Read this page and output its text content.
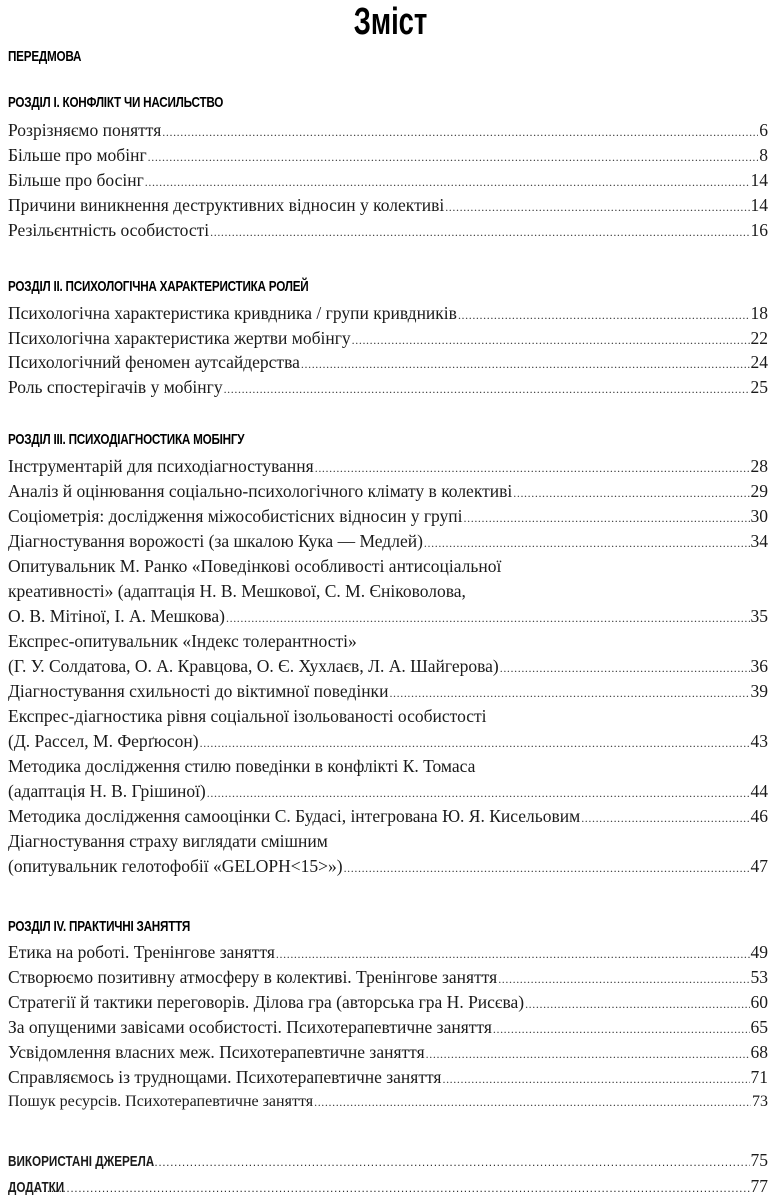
Зміст
ПЕРЕДМОВА
РОЗДІЛ I. КОНФЛІКТ ЧИ НАСИЛЬСТВО
Розрізняємо поняття .....	6
Більше про мобінг .....	8
Більше про босінг .....	14
Причини виникнення деструктивних відносин у колективі .....	14
Резільєнтність особистості .....	16
РОЗДІЛ II. ПСИХОЛОГІЧНА ХАРАКТЕРИСТИКА РОЛЕЙ
Психологічна характеристика кривдника / групи кривдників .....	18
Психологічна характеристика жертви мобінгу .....	22
Психологічний феномен аутсайдерства .....	24
Роль спостерігачів у мобінгу .....	25
РОЗДІЛ III. ПСИХОДІАГНОСТИКА МОБІНГУ
Інструментарій для психодіагностування .....	28
Аналіз й оцінювання соціально-психологічного клімату в колективі .....	29
Соціометрія: дослідження міжособистісних відносин у групі .....	30
Діагностування ворожості (за шкалою Кука — Медлей) .....	34
Опитувальник М. Ранко «Поведінкові особливості антисоціальної
креативності» (адаптація Н. В. Мешкової, С. М. Єніковолова,
О. В. Мітіної, І. А. Мешкова) .....	35
Експрес-опитувальник «Індекс толерантності»
(Г. У. Солдатова, О. А. Кравцова, О. Є. Хухлаєв, Л. А. Шайгерова) .....	36
Діагностування схильності до віктимної поведінки .....	39
Експрес-діагностика рівня соціальної ізольованості особистості
(Д. Рассел, М. Ферґюсон) .....	43
Методика дослідження стилю поведінки в конфлікті К. Томаса
(адаптація Н. В. Грішиної) .....	44
Методика дослідження самооцінки С. Будасі, інтегрована Ю. Я. Кисельовим .....	46
Діагностування страху виглядати смішним
(опитувальник гелотофобії «GELOPH<15>») .....	47
РОЗДІЛ IV. ПРАКТИЧНІ ЗАНЯТТЯ
Етика на роботі. Тренінгове заняття .....	49
Створюємо позитивну атмосферу в колективі. Тренінгове заняття .....	53
Стратегії й тактики переговорів. Ділова гра (авторська гра Н. Рисєва) .....	60
За опущеними завісами особистості. Психотерапевтичне заняття .....	65
Усвідомлення власних меж. Психотерапевтичне заняття .....	68
Справляємось із труднощами. Психотерапевтичне заняття .....	71
Пошук ресурсів. Психотерапевтичне заняття .....	73
ВИКОРИСТАНІ ДЖЕРЕЛА .....	75
ДОДАТКИ .....	77
